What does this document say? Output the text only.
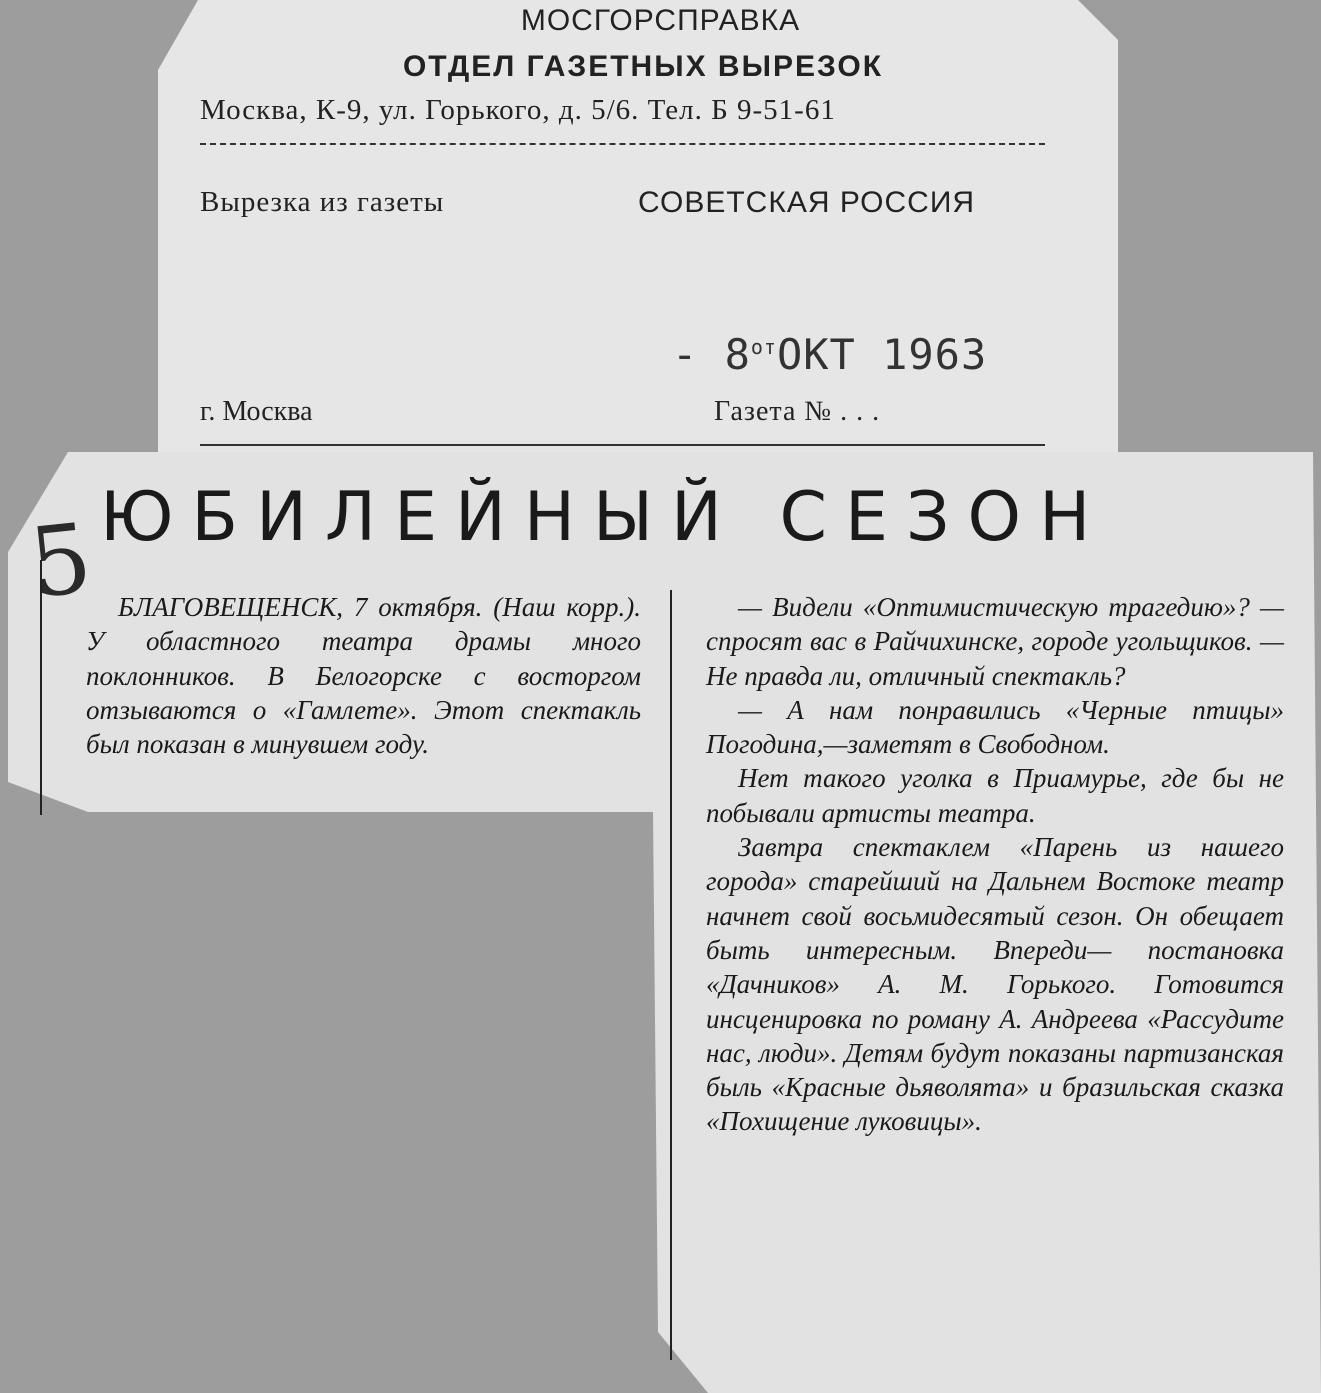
МОСГОРСПРАВКА
ОТДЕЛ ГАЗЕТНЫХ ВЫРЕЗОК
Москва, К-9, ул. Горького, д. 5/6. Тел. Б 9-51-61
Вырезка из газеты	СОВЕТСКАЯ РОССИЯ
- $8^{от}ОКТ$ 1963
г. Москва	Газета № . . .
5 ЮБИЛЕЙНЫЙ СЕЗОН

БЛАГОВЕЩЕНСК, 7 октября. (Наш корр.). У областного театра драмы много поклонников. В Белогорске с восторгом отзываются о «Гамлете». Этот спектакль был показан в минувшем году.

— Видели «Оптимистическую трагедию»? — спросят вас в Райчихинске, городе угольщиков. — Не правда ли, отличный спектакль?

— А нам понравились «Черные птицы» Погодина,—заметят в Свободном.

Нет такого уголка в Приамурье, где бы не побывали артисты театра.

Завтра спектаклем «Парень из нашего города» старейший на Дальнем Востоке театр начнет свой восьмидесятый сезон. Он обещает быть интересным. Впереди— постановка «Дачников» А. М. Горького. Готовится инсценировка по роману А. Андреева «Рассудите нас, люди». Детям будут показаны партизанская быль «Красные дьяволята» и бразильская сказка «Похищение луковицы».
